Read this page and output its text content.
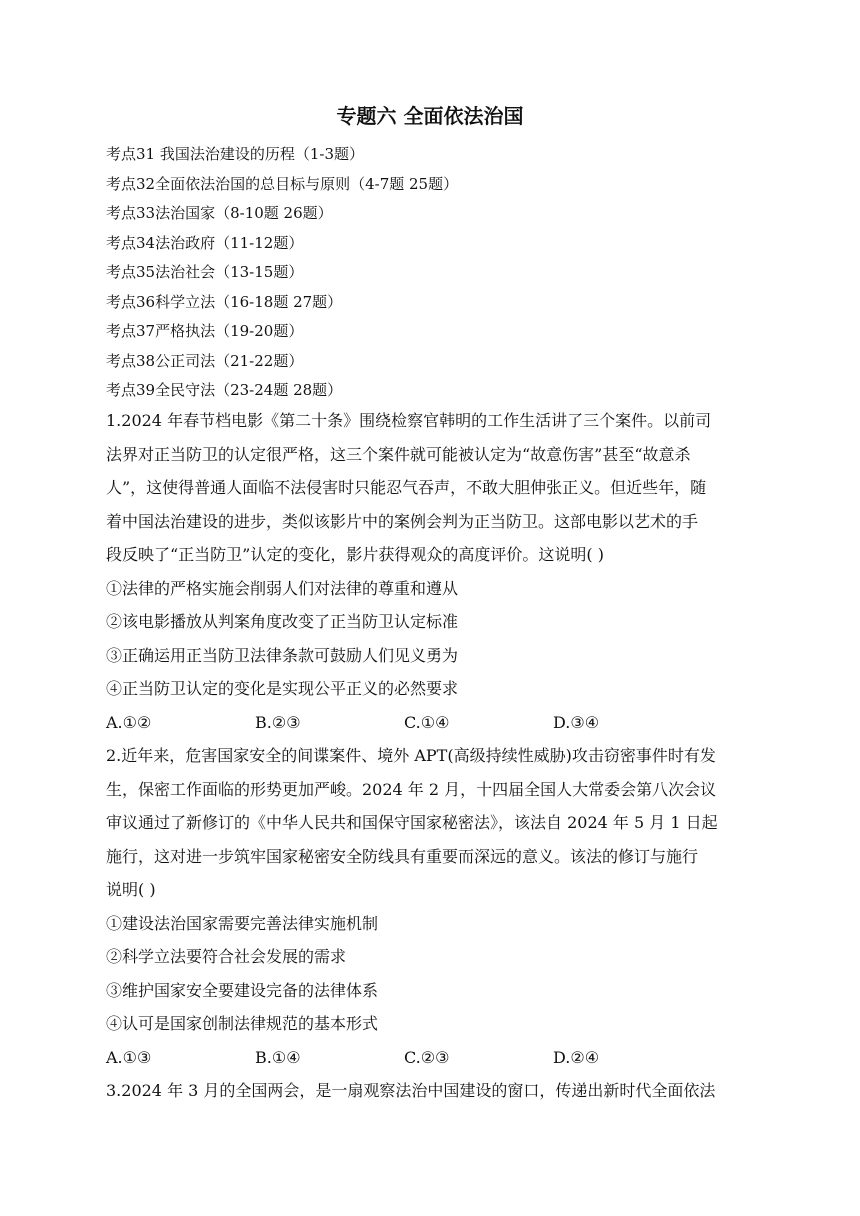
专题六 全面依法治国
考点31 我国法治建设的历程（1-3题）
考点32全面依法治国的总目标与原则（4-7题 25题）
考点33法治国家（8-10题 26题）
考点34法治政府（11-12题）
考点35法治社会（13-15题）
考点36科学立法（16-18题 27题）
考点37严格执法（19-20题）
考点38公正司法（21-22题）
考点39全民守法（23-24题 28题）
1.2024 年春节档电影《第二十条》围绕检察官韩明的工作生活讲了三个案件。以前司
法界对正当防卫的认定很严格，这三个案件就可能被认定为“故意伤害”甚至“故意杀
人”，这使得普通人面临不法侵害时只能忍气吞声，不敢大胆伸张正义。但近些年，随
着中国法治建设的进步，类似该影片中的案例会判为正当防卫。这部电影以艺术的手
段反映了“正当防卫”认定的变化，影片获得观众的高度评价。这说明( )
①法律的严格实施会削弱人们对法律的尊重和遵从
②该电影播放从判案角度改变了正当防卫认定标准
③正确运用正当防卫法律条款可鼓励人们见义勇为
④正当防卫认定的变化是实现公平正义的必然要求
A.①②	B.②③	C.①④	D.③④
2.近年来，危害国家安全的间谍案件、境外 APT(高级持续性威胁)攻击窃密事件时有发
生，保密工作面临的形势更加严峻。2024 年 2 月，十四届全国人大常委会第八次会议
审议通过了新修订的《中华人民共和国保守国家秘密法》，该法自 2024 年 5 月 1 日起
施行，这对进一步筑牢国家秘密安全防线具有重要而深远的意义。该法的修订与施行
说明( )
①建设法治国家需要完善法律实施机制
②科学立法要符合社会发展的需求
③维护国家安全要建设完备的法律体系
④认可是国家创制法律规范的基本形式
A.①③	B.①④	C.②③	D.②④
3.2024 年 3 月的全国两会，是一扇观察法治中国建设的窗口，传递出新时代全面依法
